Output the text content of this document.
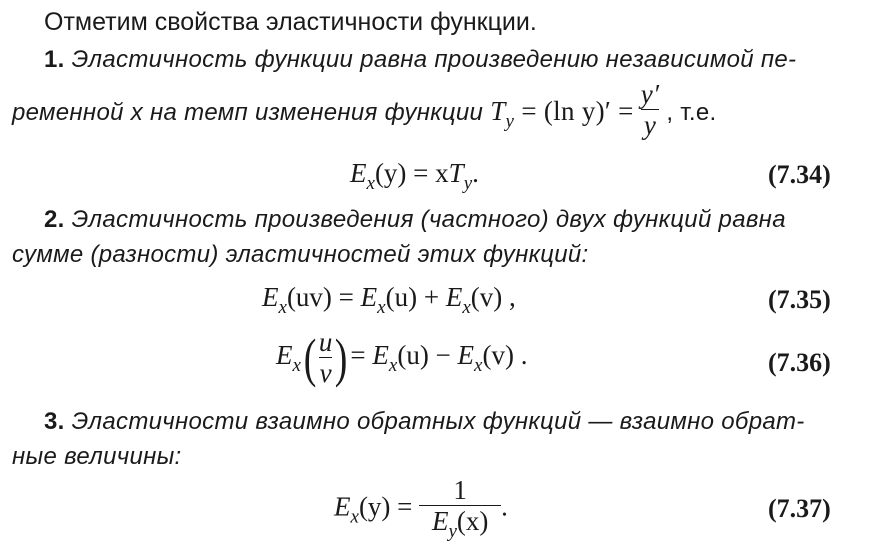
Отметим свойства эластичности функции.
1. Эластичность функции равна произведению независимой пе-
ременной x на темп изменения функции $T_y = (\ln$ $y)' = \frac{y'}{y}$ , т.е.
$E_x(y) = xT_y$.	(7.34)
2. Эластичность произведения (частного) двух функций равна
сумме (разности) эластичностей этих функций:
$E_x(uv) = E_x(u) + E_x(v)$ ,	(7.35)
$E_x( \frac{u}{v}$ )= $E_x(u) - E_x(v)$ .	(7.36)
3. Эластичности взаимно обратных функций — взаимно обрат-
ные величины:
$E_x(y) = \frac{1}{E_y(x)}$ .	(7.37)
